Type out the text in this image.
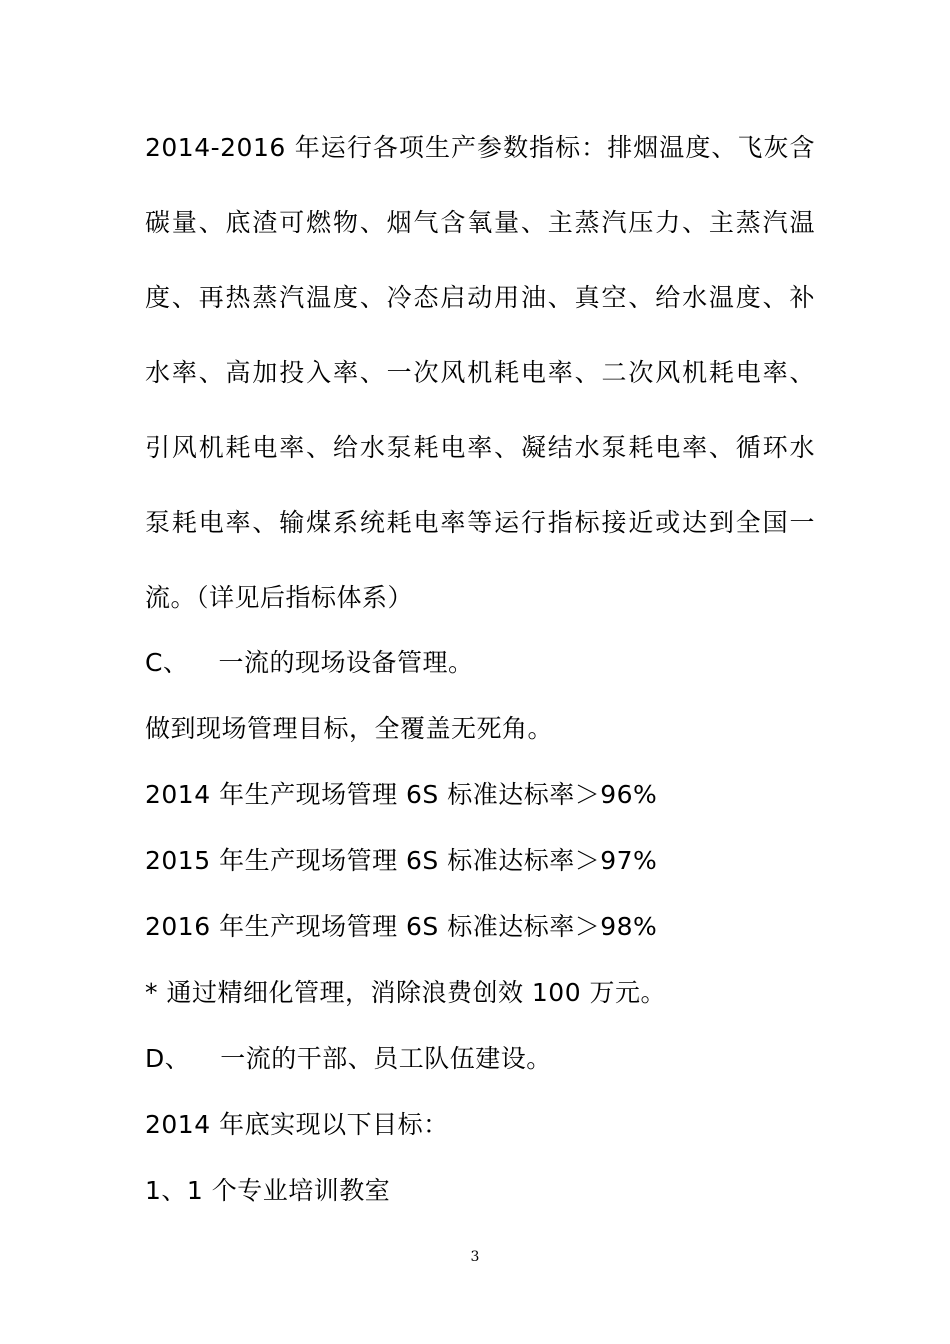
2014-2016 年运行各项生产参数指标：排烟温度、飞灰含
碳量、底渣可燃物、烟气含氧量、主蒸汽压力、主蒸汽温
度、再热蒸汽温度、冷态启动用油、真空、给水温度、补
水率、高加投入率、一次风机耗电率、二次风机耗电率、
引风机耗电率、给水泵耗电率、凝结水泵耗电率、循环水
泵耗电率、输煤系统耗电率等运行指标接近或达到全国一
流。（详见后指标体系）
C、 一流的现场设备管理。
做到现场管理目标，全覆盖无死角。
2014 年生产现场管理 6S 标准达标率＞96%
2015 年生产现场管理 6S 标准达标率＞97%
2016 年生产现场管理 6S 标准达标率＞98%
* 通过精细化管理，消除浪费创效 100 万元。
D、 一流的干部、员工队伍建设。
2014 年底实现以下目标：
1、1 个专业培训教室
3
